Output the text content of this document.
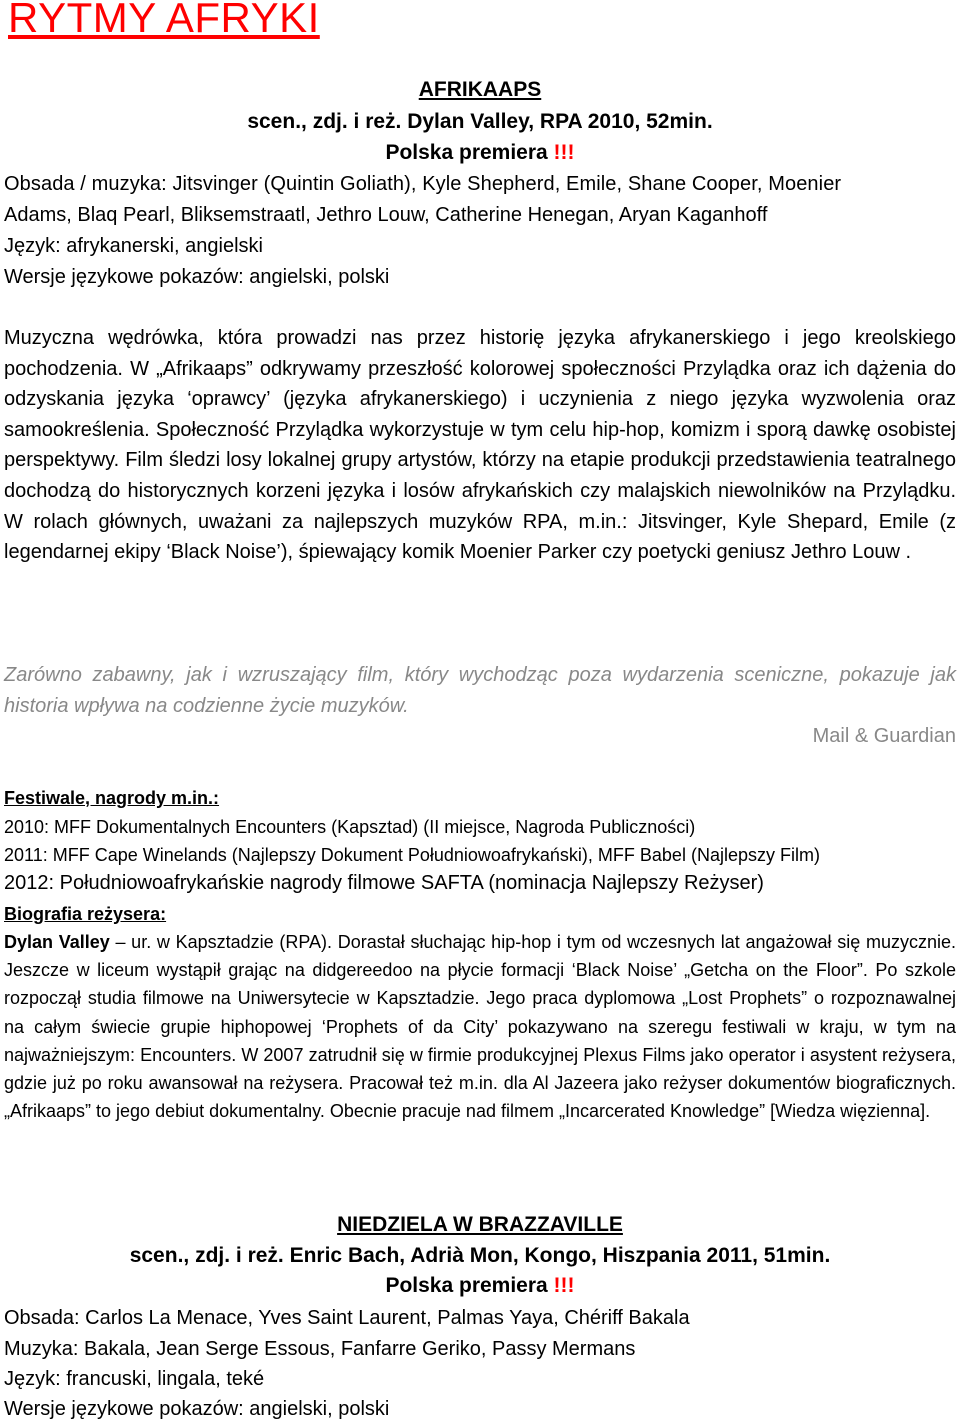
RYTMY AFRYKI

AFRIKAAPS

scen., zdj. i reż. Dylan Valley, RPA 2010, 52min.

Polska premiera !!!

Obsada / muzyka: Jitsvinger (Quintin Goliath), Kyle Shepherd, Emile, Shane Cooper, Moenier

Adams, Blaq Pearl, Bliksemstraatl, Jethro Louw, Catherine Henegan, Aryan Kaganhoff

Język: afrykanerski, angielski

Wersje językowe pokazów: angielski, polski

Muzyczna wędrówka, która prowadzi nas przez historię języka afrykanerskiego i jego kreolskiego pochodzenia. W „Afrikaaps” odkrywamy przeszłość kolorowej społeczności Przylądka oraz ich dążenia do odzyskania języka ‘oprawcy’ (języka afrykanerskiego) i uczynienia z niego języka wyzwolenia oraz samookreślenia. Społeczność Przylądka wykorzystuje w tym celu hip-hop, komizm i sporą dawkę osobistej perspektywy. Film śledzi losy lokalnej grupy artystów, którzy na etapie produkcji przedstawienia teatralnego dochodzą do historycznych korzeni języka i losów afrykańskich czy malajskich niewolników na Przylądku. W rolach głównych, uważani za najlepszych muzyków RPA, m.in.: Jitsvinger, Kyle Shepard, Emile (z legendarnej ekipy ‘Black Noise’), śpiewający komik Moenier Parker czy poetycki geniusz Jethro Louw .

Zarówno zabawny, jak i wzruszający film, który wychodząc poza wydarzenia sceniczne, pokazuje jak historia wpływa na codzienne życie muzyków.

Mail & Guardian

Festiwale, nagrody m.in.:

2010: MFF Dokumentalnych Encounters (Kapsztad) (II miejsce, Nagroda Publiczności)

2011: MFF Cape Winelands (Najlepszy Dokument Południowoafrykański), MFF Babel (Najlepszy Film)

2012: Południowoafrykańskie nagrody filmowe SAFTA (nominacja Najlepszy Reżyser)

Biografia reżysera:

Dylan Valley – ur. w Kapsztadzie (RPA). Dorastał słuchając hip-hop i tym od wczesnych lat angażował się muzycznie. Jeszcze w liceum wystąpił grając na didgereedoo na płycie formacji ‘Black Noise’ „Getcha on the Floor”. Po szkole rozpoczął studia filmowe na Uniwersytecie w Kapsztadzie. Jego praca dyplomowa „Lost Prophets” o rozpoznawalnej na całym świecie grupie hiphopowej ‘Prophets of da City’ pokazywano na szeregu festiwali w kraju, w tym na najważniejszym: Encounters. W 2007 zatrudnił się w firmie produkcyjnej Plexus Films jako operator i asystent reżysera, gdzie już po roku awansował na reżysera. Pracował też m.in. dla Al Jazeera jako reżyser dokumentów biograficznych. „Afrikaaps” to jego debiut dokumentalny. Obecnie pracuje nad filmem „Incarcerated Knowledge” [Wiedza więzienna].

NIEDZIELA W BRAZZAVILLE

scen., zdj. i reż. Enric Bach, Adrià Mon, Kongo, Hiszpania 2011, 51min.

Polska premiera !!!

Obsada: Carlos La Menace, Yves Saint Laurent, Palmas Yaya, Chériff Bakala

Muzyka: Bakala, Jean Serge Essous, Fanfarre Geriko, Passy Mermans

Język: francuski, lingala, teké

Wersje językowe pokazów: angielski, polski
